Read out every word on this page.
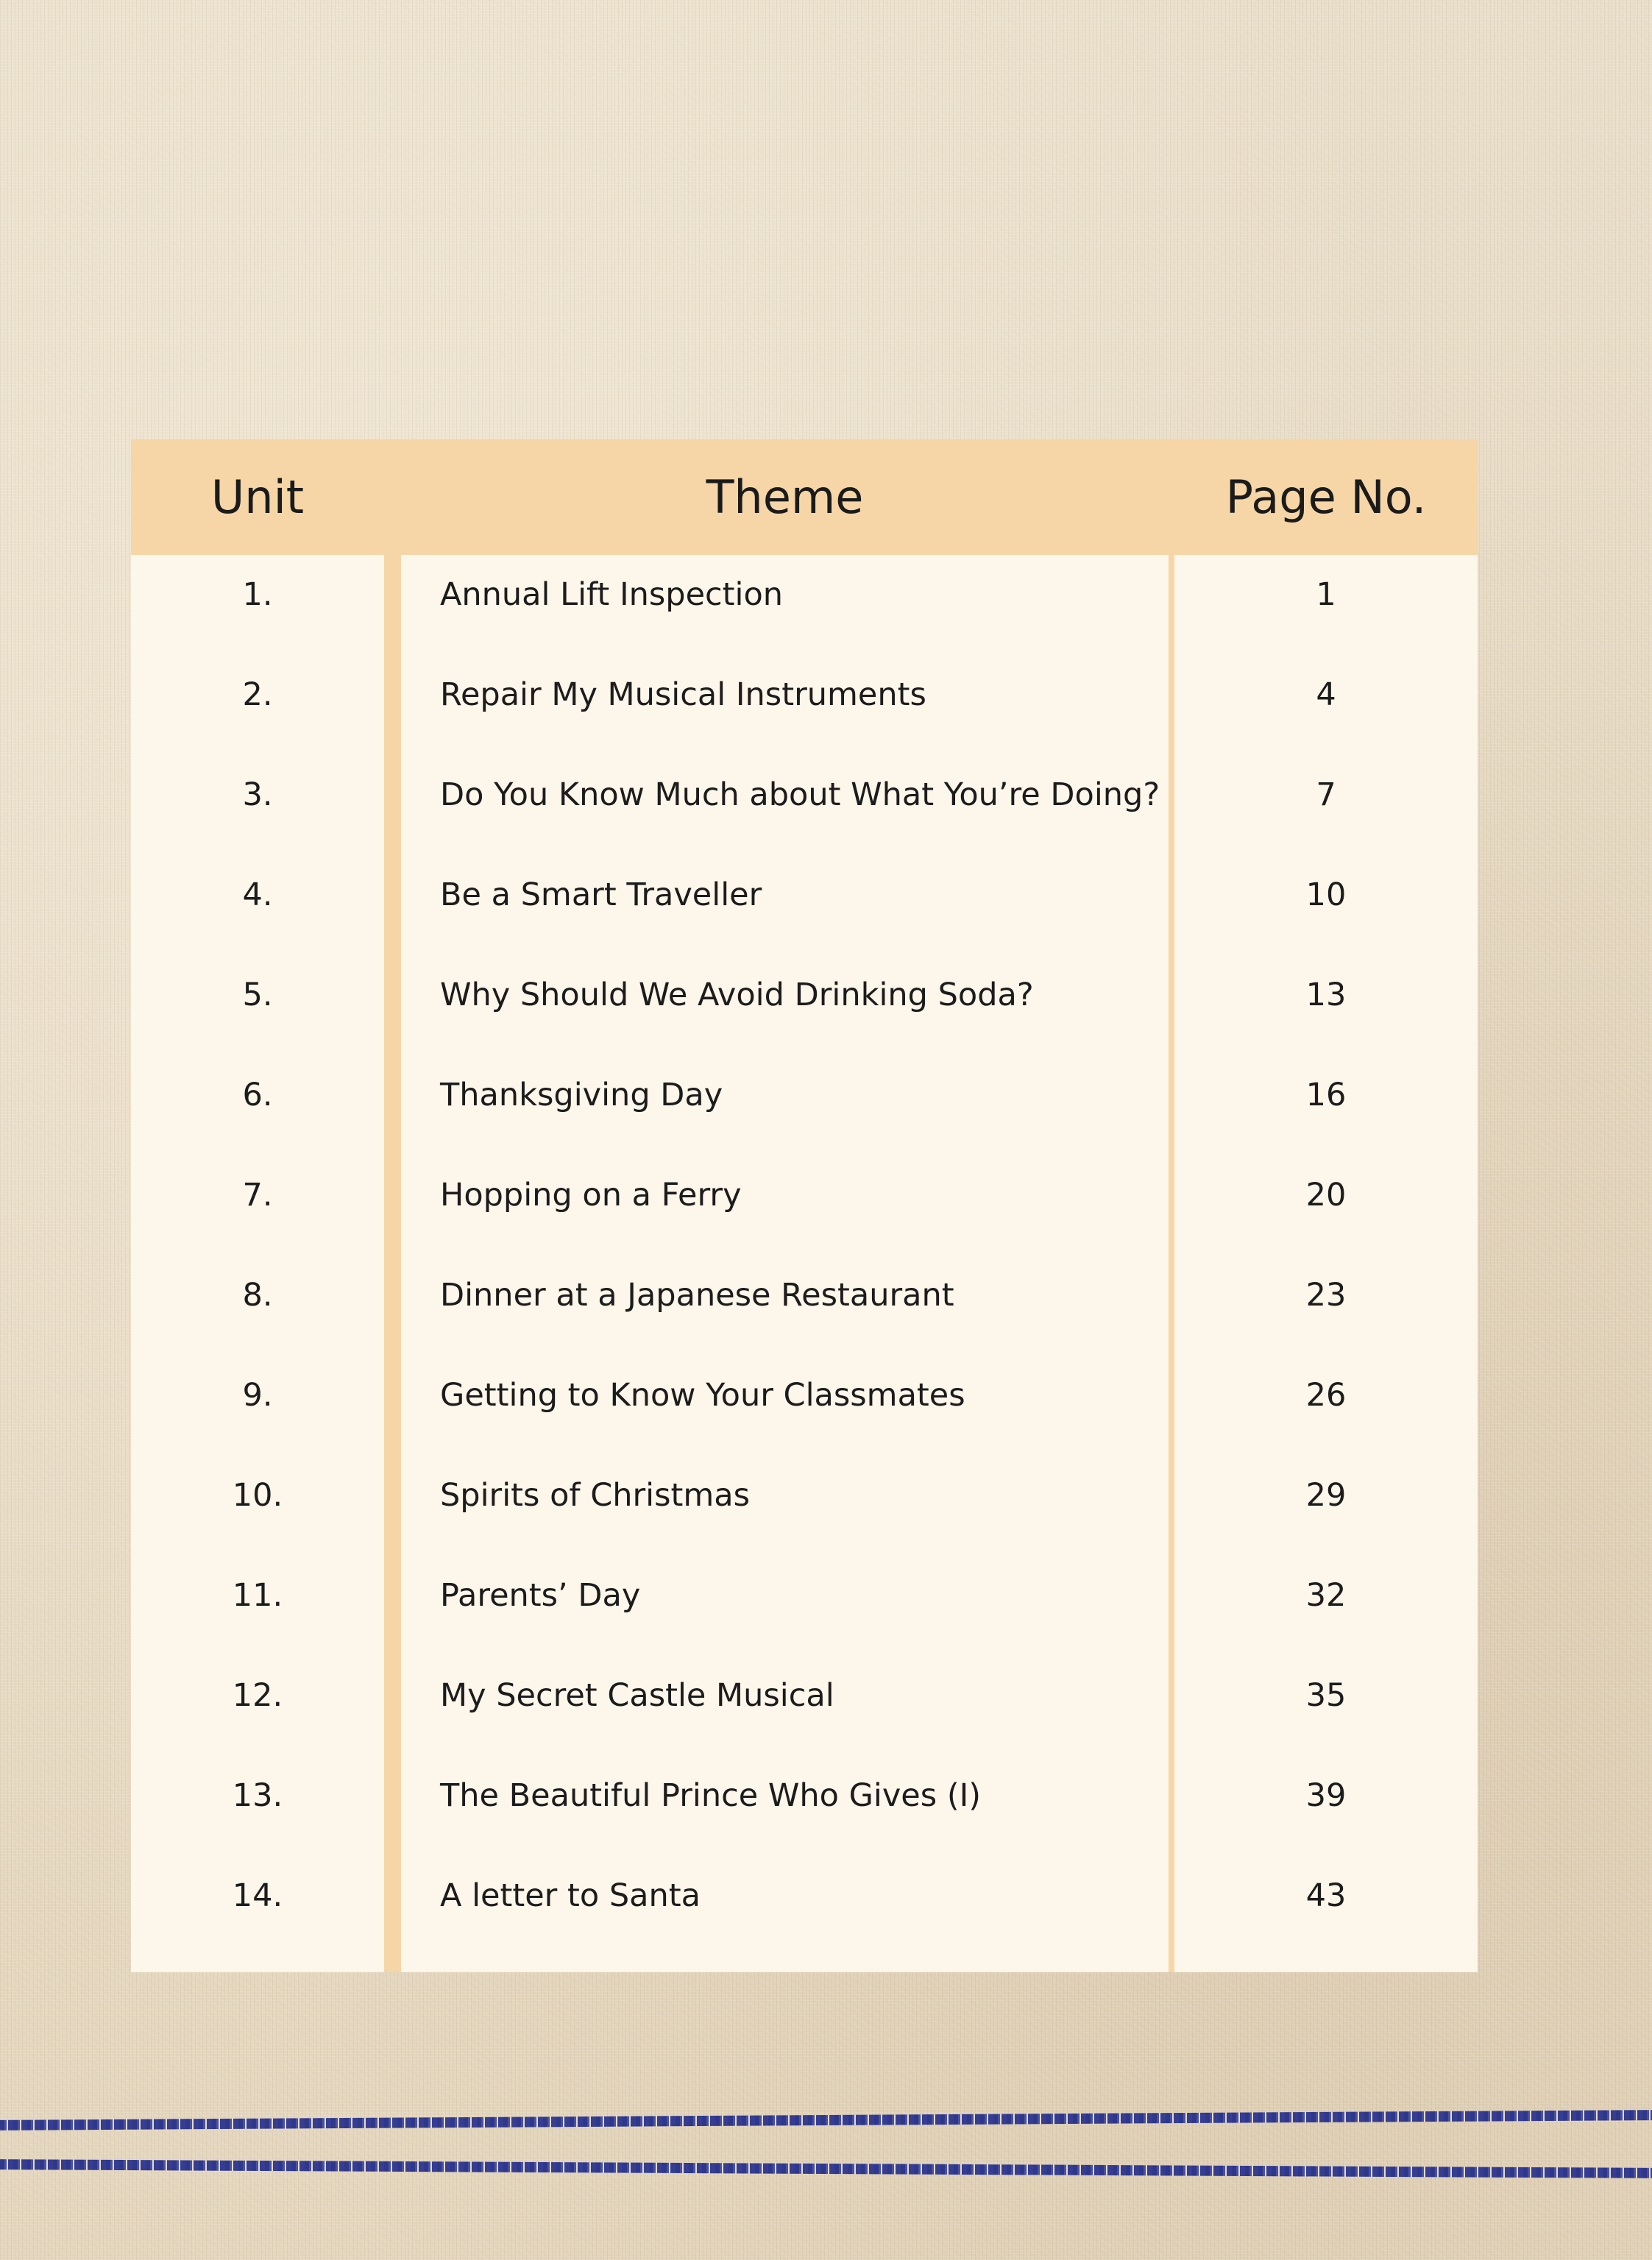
Unit	Theme	Page No.
1.	Annual Lift Inspection	1
2.	Repair My Musical Instruments	4
3.	Do You Know Much about What You’re Doing?	7
4.	Be a Smart Traveller	10
5.	Why Should We Avoid Drinking Soda?	13
6.	Thanksgiving Day	16
7.	Hopping on a Ferry	20
8.	Dinner at a Japanese Restaurant	23
9.	Getting to Know Your Classmates	26
10.	Spirits of Christmas	29
11.	Parents’ Day	32
12.	My Secret Castle Musical	35
13.	The Beautiful Prince Who Gives (I)	39
14.	A letter to Santa	43
